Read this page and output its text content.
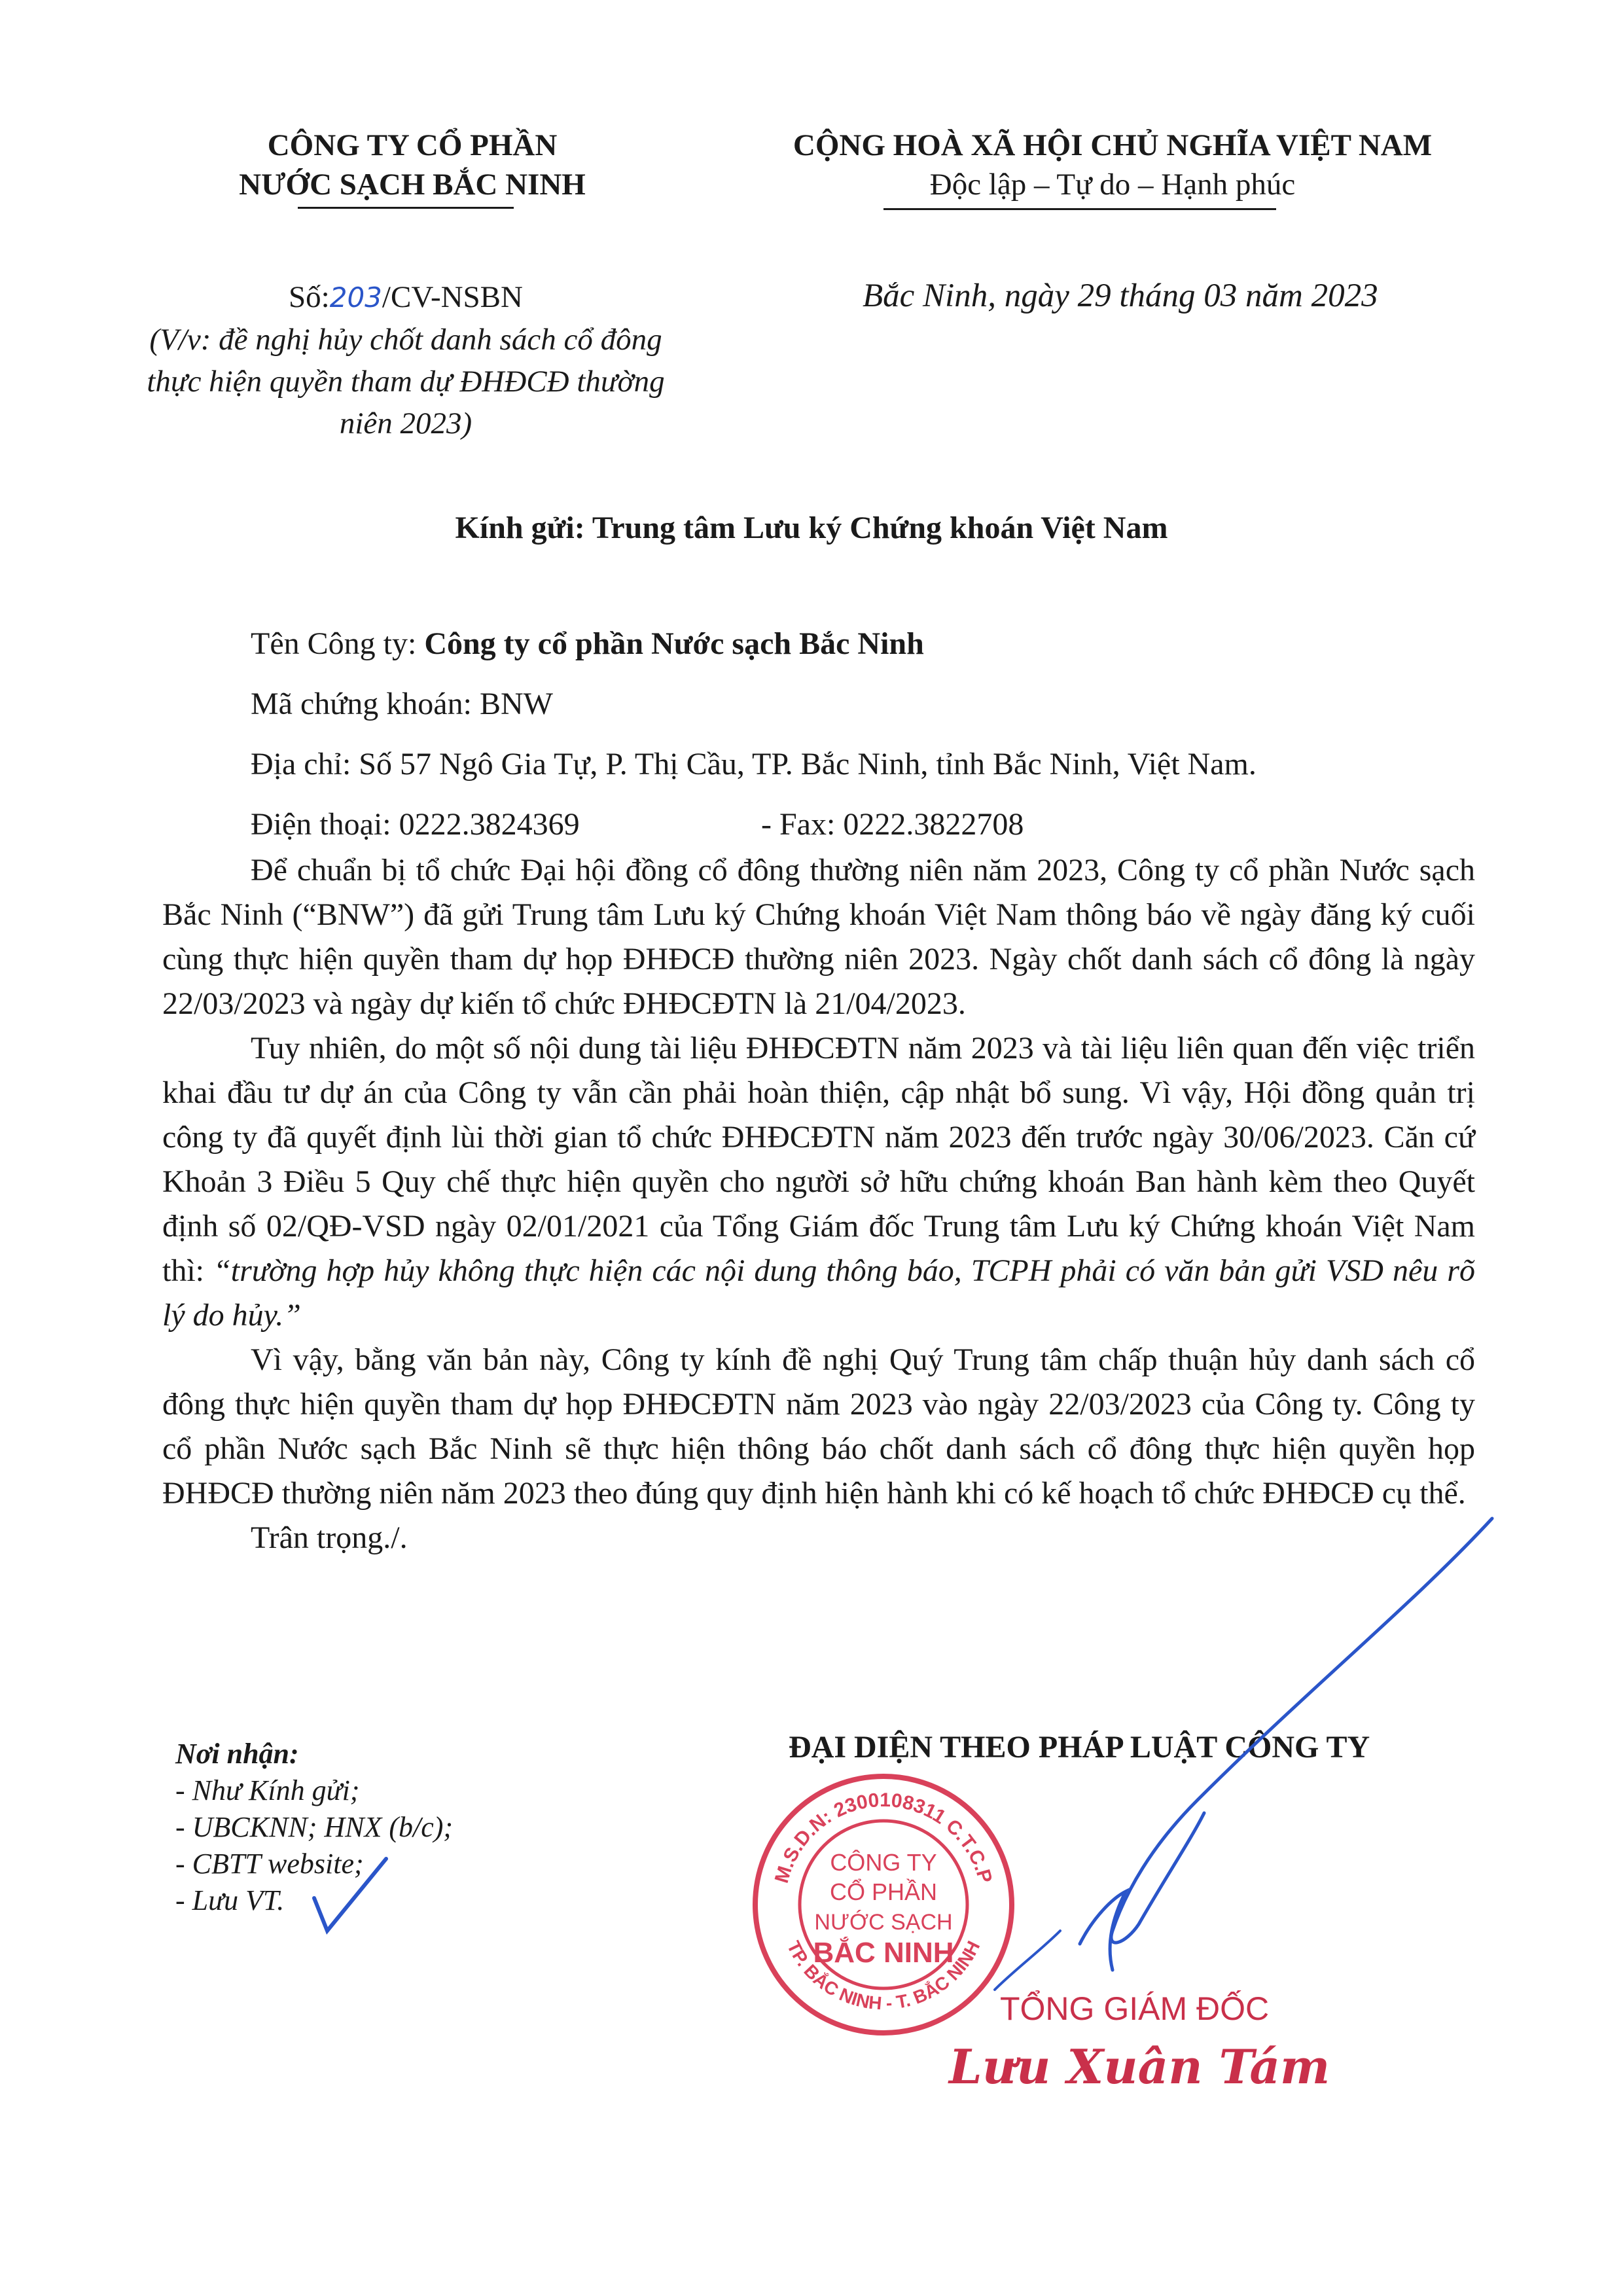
CÔNG TY CỔ PHẦN
NƯỚC SẠCH BẮC NINH
CỘNG HOÀ XÃ HỘI CHỦ NGHĨA VIỆT NAM
Độc lập – Tự do – Hạnh phúc
Số:203/CV-NSBN
(V/v: đề nghị hủy chốt danh sách cổ đông thực hiện quyền tham dự ĐHĐCĐ thường niên 2023)
Bắc Ninh, ngày 29 tháng 03 năm 2023
Kính gửi: Trung tâm Lưu ký Chứng khoán Việt Nam
Tên Công ty: Công ty cổ phần Nước sạch Bắc Ninh
Mã chứng khoán: BNW
Địa chỉ: Số 57 Ngô Gia Tự, P. Thị Cầu, TP. Bắc Ninh, tỉnh Bắc Ninh, Việt Nam.
Điện thoại: 0222.3824369	- Fax: 0222.3822708
Để chuẩn bị tổ chức Đại hội đồng cổ đông thường niên năm 2023, Công ty cổ phần Nước sạch Bắc Ninh (“BNW”) đã gửi Trung tâm Lưu ký Chứng khoán Việt Nam thông báo về ngày đăng ký cuối cùng thực hiện quyền tham dự họp ĐHĐCĐ thường niên 2023. Ngày chốt danh sách cổ đông là ngày 22/03/2023 và ngày dự kiến tổ chức ĐHĐCĐTN là 21/04/2023.
Tuy nhiên, do một số nội dung tài liệu ĐHĐCĐTN năm 2023 và tài liệu liên quan đến việc triển khai đầu tư dự án của Công ty vẫn cần phải hoàn thiện, cập nhật bổ sung. Vì vậy, Hội đồng quản trị công ty đã quyết định lùi thời gian tổ chức ĐHĐCĐTN năm 2023 đến trước ngày 30/06/2023. Căn cứ Khoản 3 Điều 5 Quy chế thực hiện quyền cho người sở hữu chứng khoán Ban hành kèm theo Quyết định số 02/QĐ-VSD ngày 02/01/2021 của Tổng Giám đốc Trung tâm Lưu ký Chứng khoán Việt Nam thì: “trường hợp hủy không thực hiện các nội dung thông báo, TCPH phải có văn bản gửi VSD nêu rõ lý do hủy.”
Vì vậy, bằng văn bản này, Công ty kính đề nghị Quý Trung tâm chấp thuận hủy danh sách cổ đông thực hiện quyền tham dự họp ĐHĐCĐTN năm 2023 vào ngày 22/03/2023 của Công ty. Công ty cổ phần Nước sạch Bắc Ninh sẽ thực hiện thông báo chốt danh sách cổ đông thực hiện quyền họp ĐHĐCĐ thường niên năm 2023 theo đúng quy định hiện hành khi có kế hoạch tổ chức ĐHĐCĐ cụ thể.
Trân trọng./.
Nơi nhận:
- Như Kính gửi;
- UBCKNN; HNX (b/c);
- CBTT website;
- Lưu VT.
ĐẠI DIỆN THEO PHÁP LUẬT CÔNG TY
M.S.D.N: 2300108311 C.T.C.P
TP. BẮC NINH - T. BẮC NINH
CÔNG TY
CỔ PHẦN
NƯỚC SẠCH
BẮC NINH
TỔNG GIÁM ĐỐC
Lưu Xuân Tám
